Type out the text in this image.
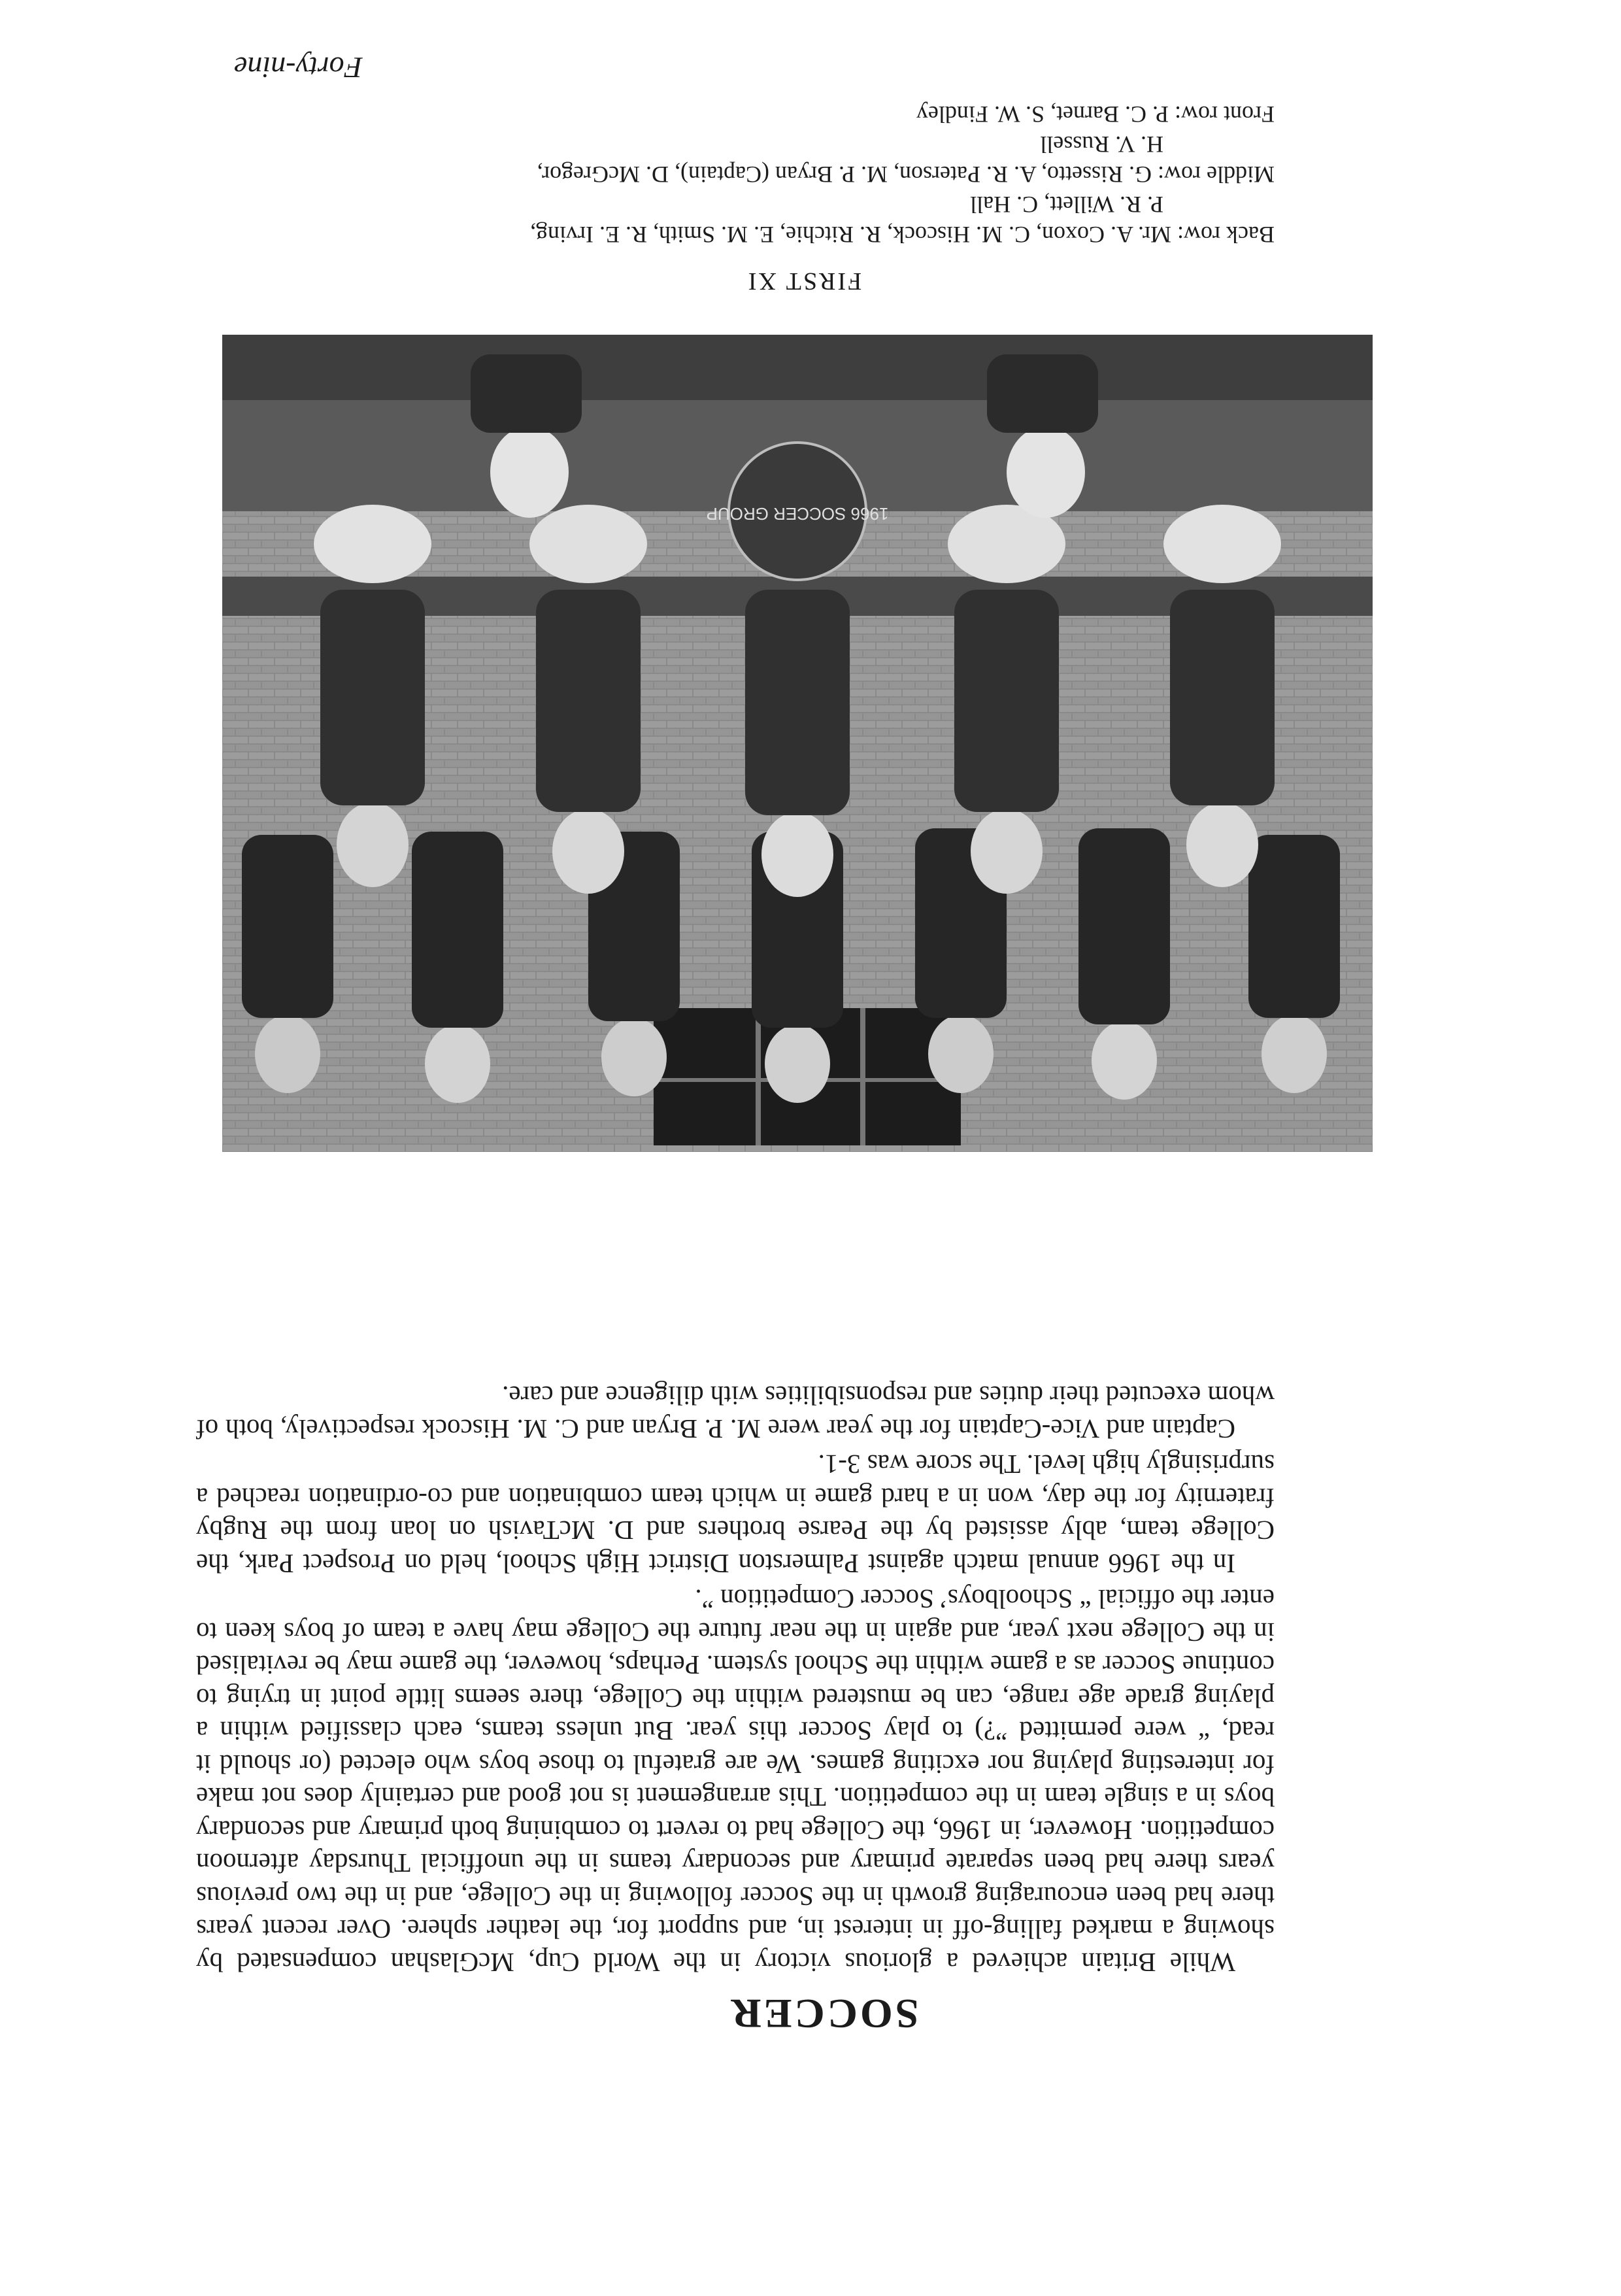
Forty-nine
SOCCER

While Britain achieved a glorious victory in the World Cup, McGlashan compensated by showing a marked falling-off in interest in, and support for, the leather sphere. Over recent years there had been encouraging growth in the Soccer following in the College, and in the two previous years there had been separate primary and secondary teams in the unofficial Thursday afternoon competition. However, in 1966, the College had to revert to combining both primary and secondary boys in a single team in the competition. This arrangement is not good and certainly does not make for interesting playing nor exciting games. We are grateful to those boys who elected (or should it read, “ were permitted ”?) to play Soccer this year. But unless teams, each classified within a playing grade age range, can be mustered within the College, there seems little point in trying to continue Soccer as a game within the School system. Perhaps, however, the game may be revitalised in the College next year, and again in the near future the College may have a team of boys keen to enter the official “ Schoolboys’ Soccer Competition ”.

In the 1966 annual match against Palmerston District High School, held on Prospect Park, the College team, ably assisted by the Pearse brothers and D. McTavish on loan from the Rugby fraternity for the day, won in a hard game in which team combination and co-ordination reached a surprisingly high level. The score was 3-1.

Captain and Vice-Captain for the year were M. P. Bryan and C. M. Hiscock respectively, both of whom executed their duties and responsibilities with diligence and care.

1966 SOCCER GROUP
FIRST XI

Back row: Mr. A. Coxon, C. M. Hiscock, R. Ritchie, E. M. Smith, R. E. Irving,
P. R. Willett, C. Hall

Middle row: G. Rissetto, A. R. Paterson, M. P. Bryan (Captain), D. McGregor,
H. V. Russell

Front row: P. C. Barnet, S. W. Findley
